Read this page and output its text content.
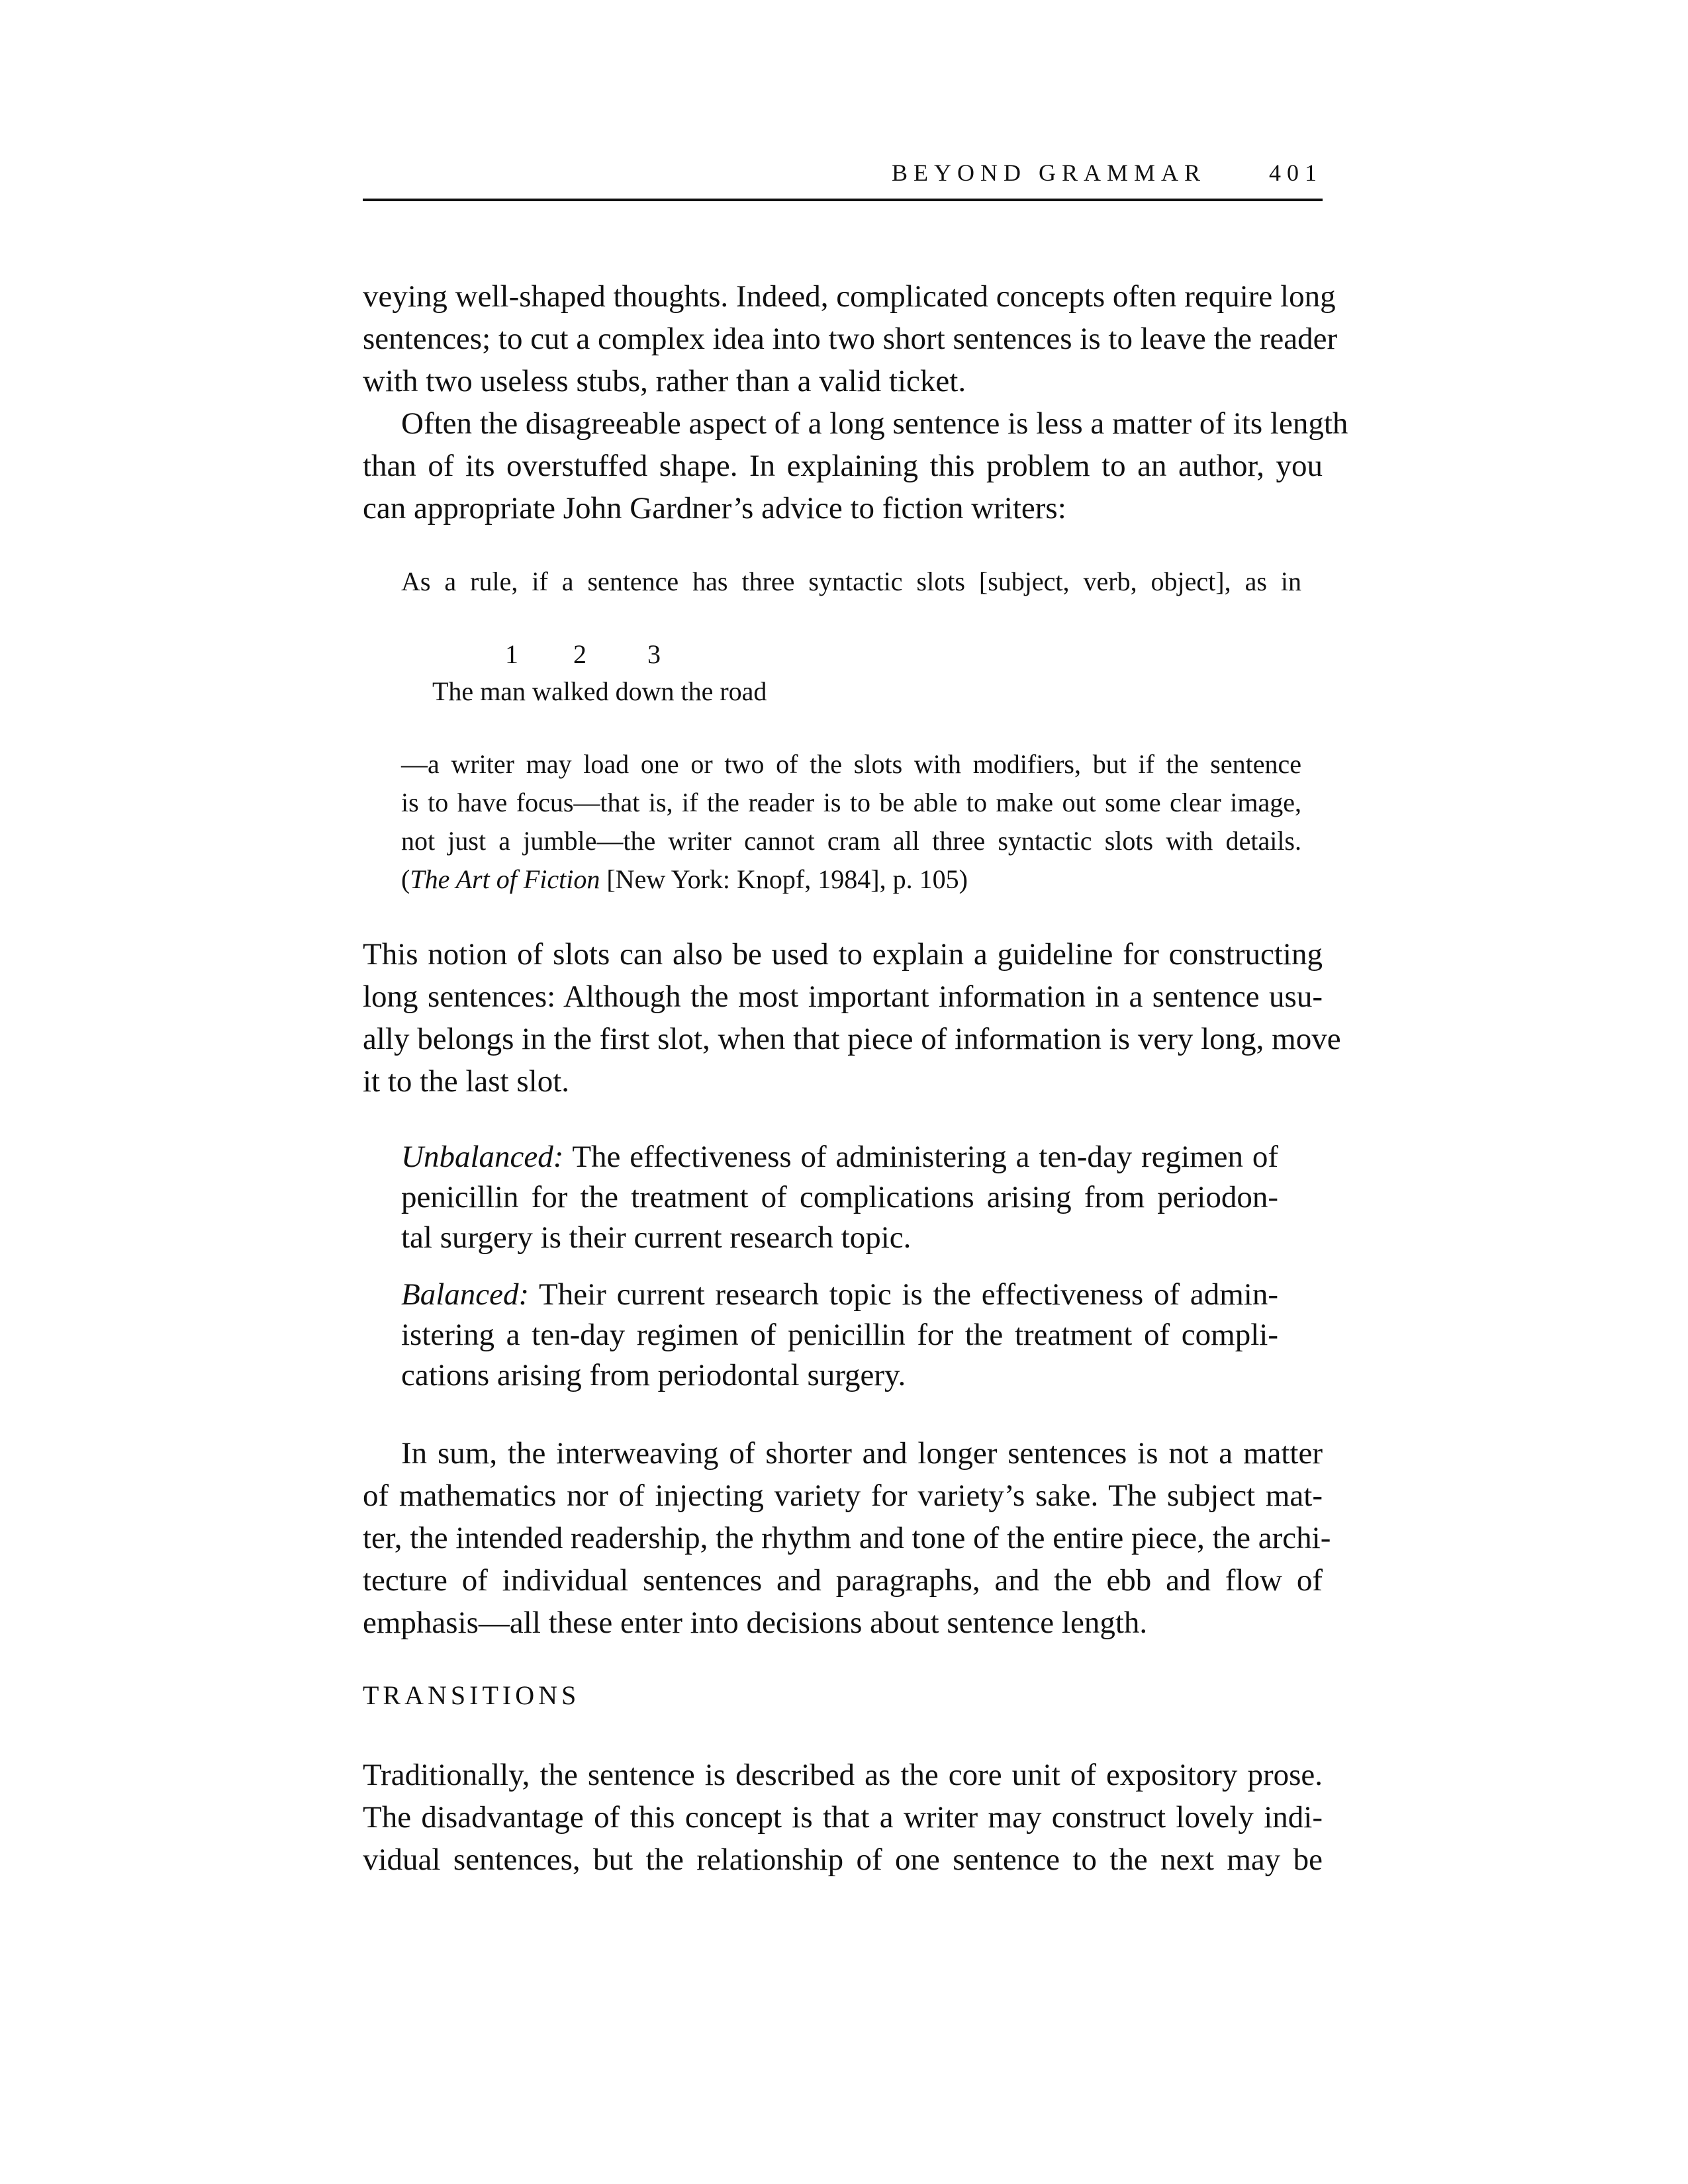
BEYOND GRAMMAR	401
veying well-shaped thoughts. Indeed, complicated concepts often require long
sentences; to cut a complex idea into two short sentences is to leave the reader
with two useless stubs, rather than a valid ticket.
Often the disagreeable aspect of a long sentence is less a matter of its length
than of its overstuffed shape. In explaining this problem to an author, you
can appropriate John Gardner’s advice to fiction writers:
As a rule, if a sentence has three syntactic slots [subject, verb, object], as in
1 2 3
The man walked down the road
—a writer may load one or two of the slots with modifiers, but if the sentence
is to have focus—that is, if the reader is to be able to make out some clear image,
not just a jumble—the writer cannot cram all three syntactic slots with details.
(The Art of Fiction [New York: Knopf, 1984], p. 105)
This notion of slots can also be used to explain a guideline for constructing
long sentences: Although the most important information in a sentence usu-
ally belongs in the first slot, when that piece of information is very long, move
it to the last slot.
Unbalanced: The effectiveness of administering a ten-day regimen of
penicillin for the treatment of complications arising from periodon-
tal surgery is their current research topic.
Balanced: Their current research topic is the effectiveness of admin-
istering a ten-day regimen of penicillin for the treatment of compli-
cations arising from periodontal surgery.
In sum, the interweaving of shorter and longer sentences is not a matter
of mathematics nor of injecting variety for variety’s sake. The subject mat-
ter, the intended readership, the rhythm and tone of the entire piece, the archi-
tecture of individual sentences and paragraphs, and the ebb and flow of
emphasis—all these enter into decisions about sentence length.
TRANSITIONS
Traditionally, the sentence is described as the core unit of expository prose.
The disadvantage of this concept is that a writer may construct lovely indi-
vidual sentences, but the relationship of one sentence to the next may be
